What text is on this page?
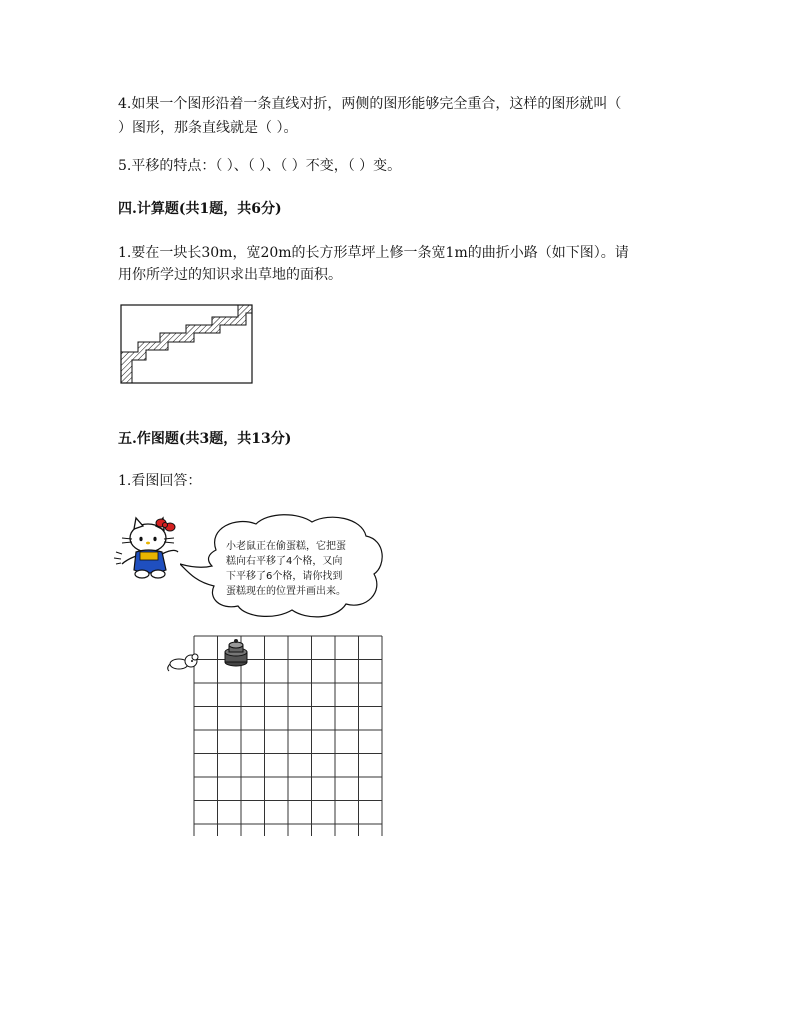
4.如果一个图形沿着一条直线对折，两侧的图形能够完全重合，这样的图形就叫（
）图形，那条直线就是（ ）。
5.平移的特点：（ ）、（ ）、（ ）不变，（ ）变。
四.计算题(共1题，共6分)
1.要在一块长30m，宽20m的长方形草坪上修一条宽1m的曲折小路（如下图）。请
用你所学过的知识求出草地的面积。
五.作图题(共3题，共13分)
1.看图回答：
小老鼠正在偷蛋糕，它把蛋
糕向右平移了4个格，又向
下平移了6个格，请你找到
蛋糕现在的位置并画出来。
